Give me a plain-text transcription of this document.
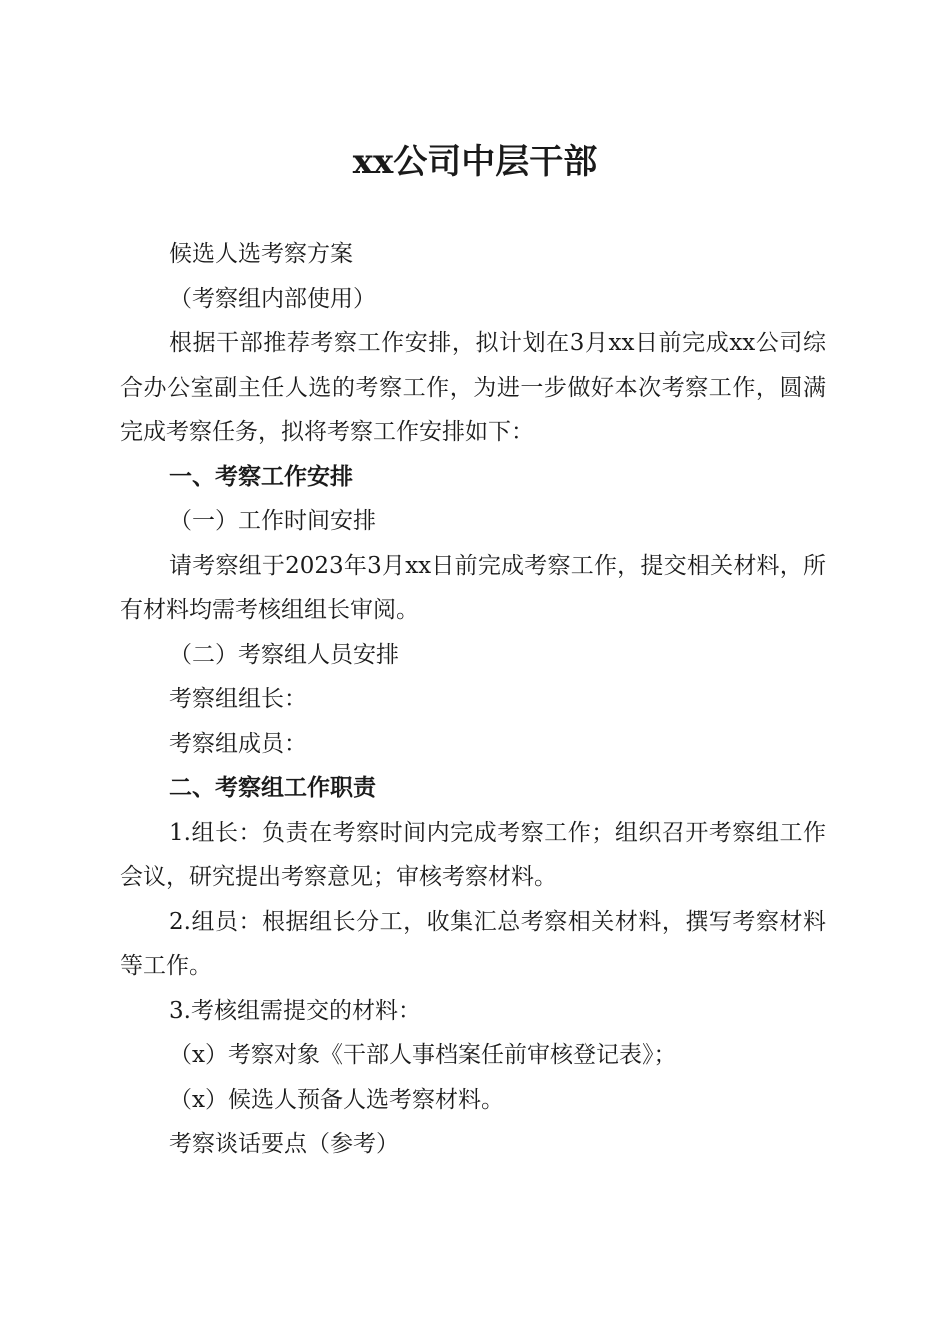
xx公司中层干部

候选人选考察方案

（考察组内部使用）

根据干部推荐考察工作安排，拟计划在3月xx日前完成xx公司综合办公室副主任人选的考察工作，为进一步做好本次考察工作，圆满完成考察任务，拟将考察工作安排如下：

一、考察工作安排

（一）工作时间安排

请考察组于2023年3月xx日前完成考察工作，提交相关材料，所有材料均需考核组组长审阅。

（二）考察组人员安排

考察组组长：

考察组成员：

二、考察组工作职责

1.组长：负责在考察时间内完成考察工作；组织召开考察组工作会议，研究提出考察意见；审核考察材料。

2.组员：根据组长分工，收集汇总考察相关材料，撰写考察材料等工作。

3.考核组需提交的材料：

（x）考察对象《干部人事档案任前审核登记表》；

（x）候选人预备人选考察材料。

考察谈话要点（参考）
